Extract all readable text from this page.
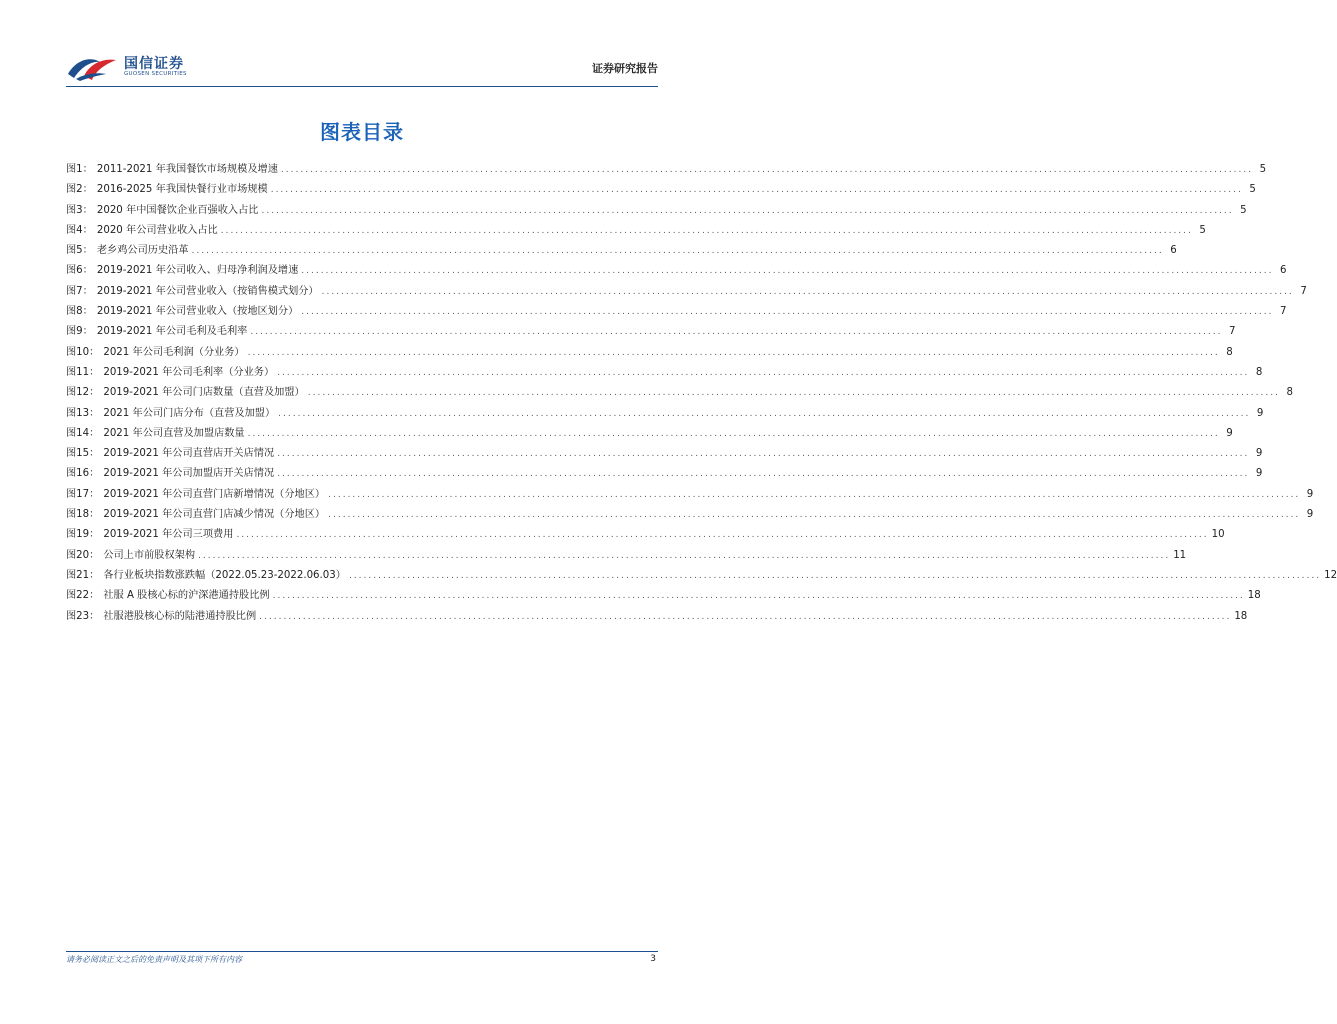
国信证券
GUOSEN SECURITIES	证券研究报告
图表目录
图1： 2011-2021 年我国餐饮市场规模及增速 ........................................................................................................................................................................................................ 5
图2： 2016-2025 年我国快餐行业市场规模 ........................................................................................................................................................................................................ 5
图3： 2020 年中国餐饮企业百强收入占比 ........................................................................................................................................................................................................ 5
图4： 2020 年公司营业收入占比 ........................................................................................................................................................................................................ 5
图5： 老乡鸡公司历史沿革 ........................................................................................................................................................................................................ 6
图6： 2019-2021 年公司收入、归母净利润及增速 ........................................................................................................................................................................................................ 6
图7： 2019-2021 年公司营业收入（按销售模式划分） ........................................................................................................................................................................................................ 7
图8： 2019-2021 年公司营业收入（按地区划分） ........................................................................................................................................................................................................ 7
图9： 2019-2021 年公司毛利及毛利率 ........................................................................................................................................................................................................ 7
图10： 2021 年公司毛利润（分业务） ........................................................................................................................................................................................................ 8
图11： 2019-2021 年公司毛利率（分业务） ........................................................................................................................................................................................................ 8
图12： 2019-2021 年公司门店数量（直营及加盟） ........................................................................................................................................................................................................ 8
图13： 2021 年公司门店分布（直营及加盟） ........................................................................................................................................................................................................ 9
图14： 2021 年公司直营及加盟店数量 ........................................................................................................................................................................................................ 9
图15： 2019-2021 年公司直营店开关店情况 ........................................................................................................................................................................................................ 9
图16： 2019-2021 年公司加盟店开关店情况 ........................................................................................................................................................................................................ 9
图17： 2019-2021 年公司直营门店新增情况（分地区） ........................................................................................................................................................................................................ 9
图18： 2019-2021 年公司直营门店减少情况（分地区） ........................................................................................................................................................................................................ 9
图19： 2019-2021 年公司三项费用 ........................................................................................................................................................................................................ 10
图20： 公司上市前股权架构 ........................................................................................................................................................................................................ 11
图21： 各行业板块指数涨跌幅（2022.05.23-2022.06.03） ........................................................................................................................................................................................................ 12
图22： 社服 A 股核心标的沪深港通持股比例 ........................................................................................................................................................................................................ 18
图23： 社服港股核心标的陆港通持股比例 ........................................................................................................................................................................................................ 18
请务必阅读正文之后的免责声明及其项下所有内容	3
